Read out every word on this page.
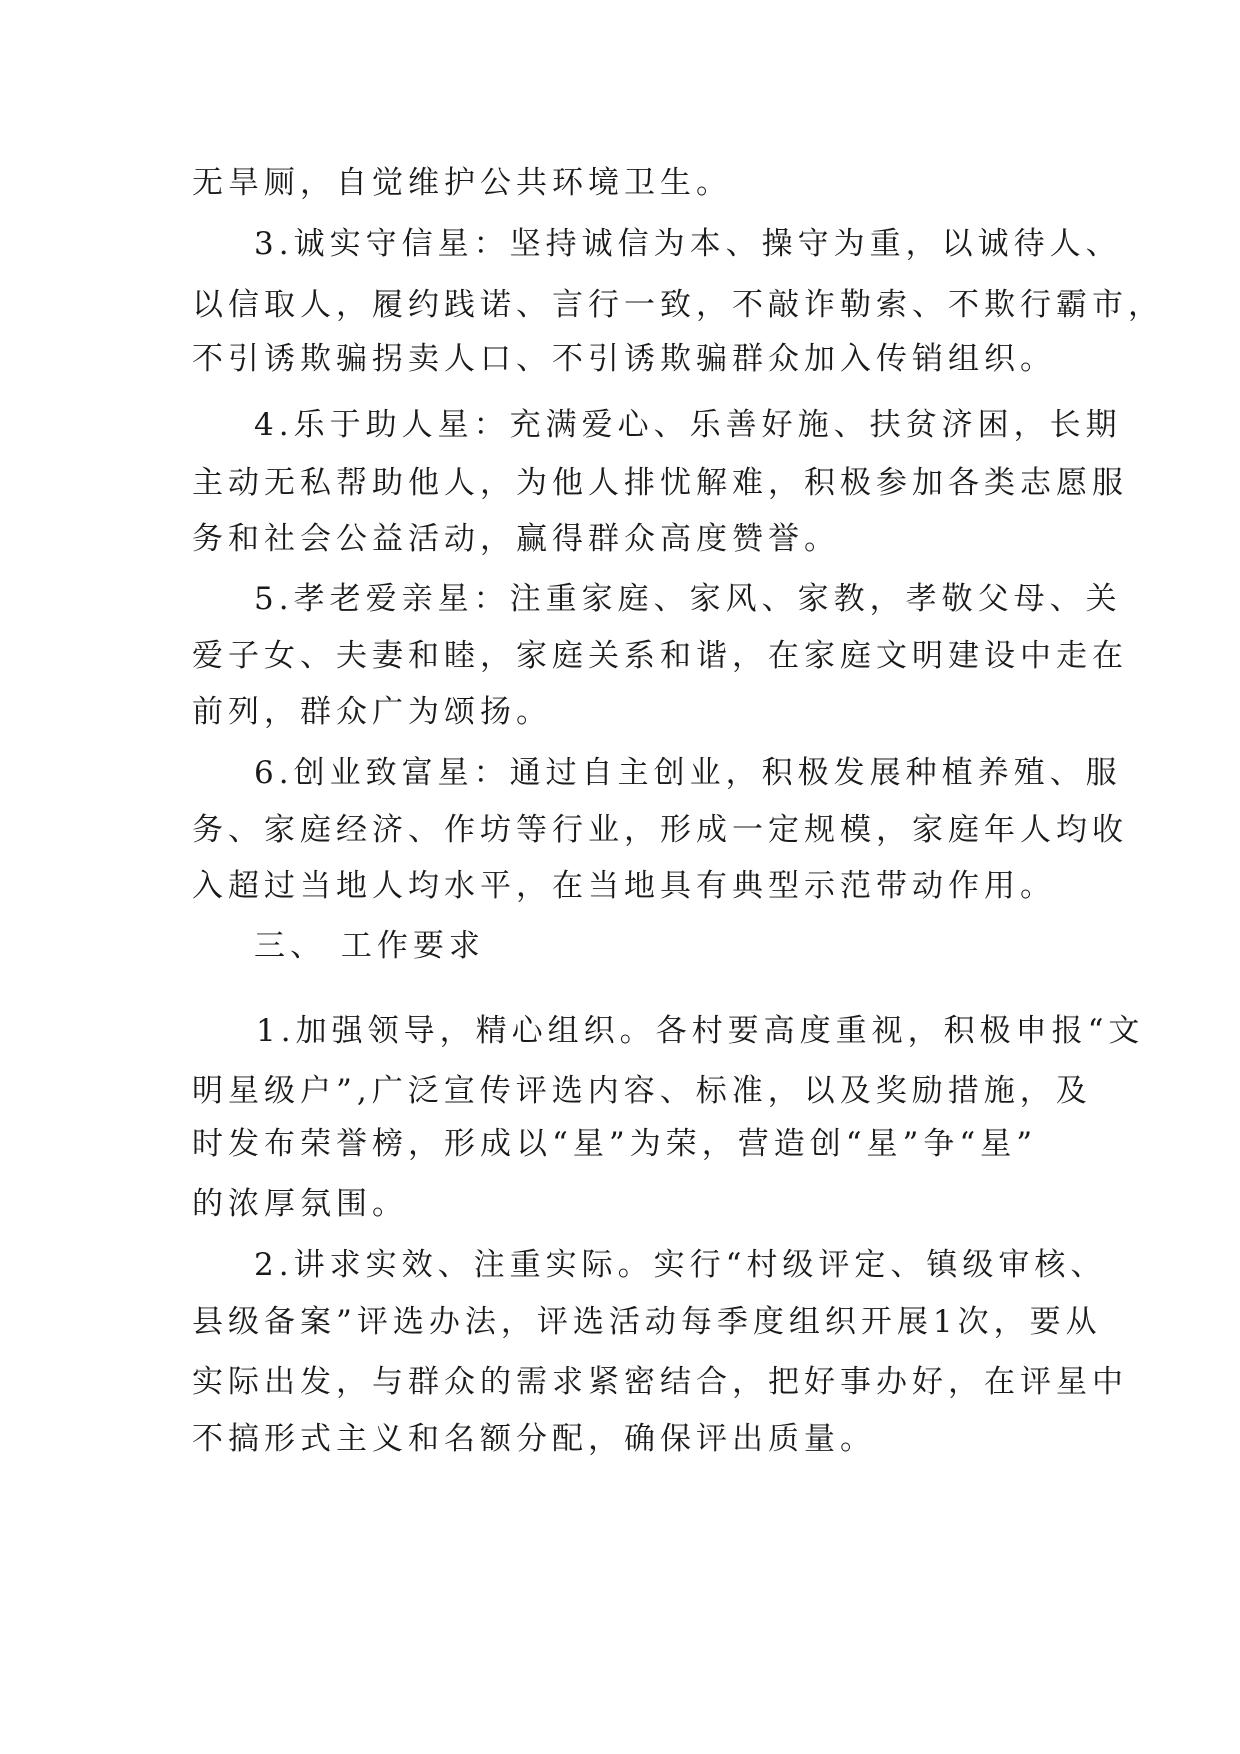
无旱厕，自觉维护公共环境卫生。
3.诚实守信星：坚持诚信为本、操守为重，以诚待人、
以信取人，履约践诺、言行一致，不敲诈勒索、不欺行霸市，
不引诱欺骗拐卖人口、不引诱欺骗群众加入传销组织。
4.乐于助人星：充满爱心、乐善好施、扶贫济困，长期
主动无私帮助他人，为他人排忧解难，积极参加各类志愿服
务和社会公益活动，赢得群众高度赞誉。
5.孝老爱亲星：注重家庭、家风、家教，孝敬父母、关
爱子女、夫妻和睦，家庭关系和谐，在家庭文明建设中走在
前列，群众广为颂扬。
6.创业致富星：通过自主创业，积极发展种植养殖、服
务、家庭经济、作坊等行业，形成一定规模，家庭年人均收
入超过当地人均水平，在当地具有典型示范带动作用。
三、 工作要求
1.加强领导，精心组织。各村要高度重视，积极申报“文
明星级户”,广泛宣传评选内容、标准，以及奖励措施，及
时发布荣誉榜，形成以“星”为荣，营造创“星”争“星”
的浓厚氛围。
2.讲求实效、注重实际。实行“村级评定、镇级审核、
县级备案”评选办法，评选活动每季度组织开展1次，要从
实际出发，与群众的需求紧密结合，把好事办好，在评星中
不搞形式主义和名额分配，确保评出质量。
